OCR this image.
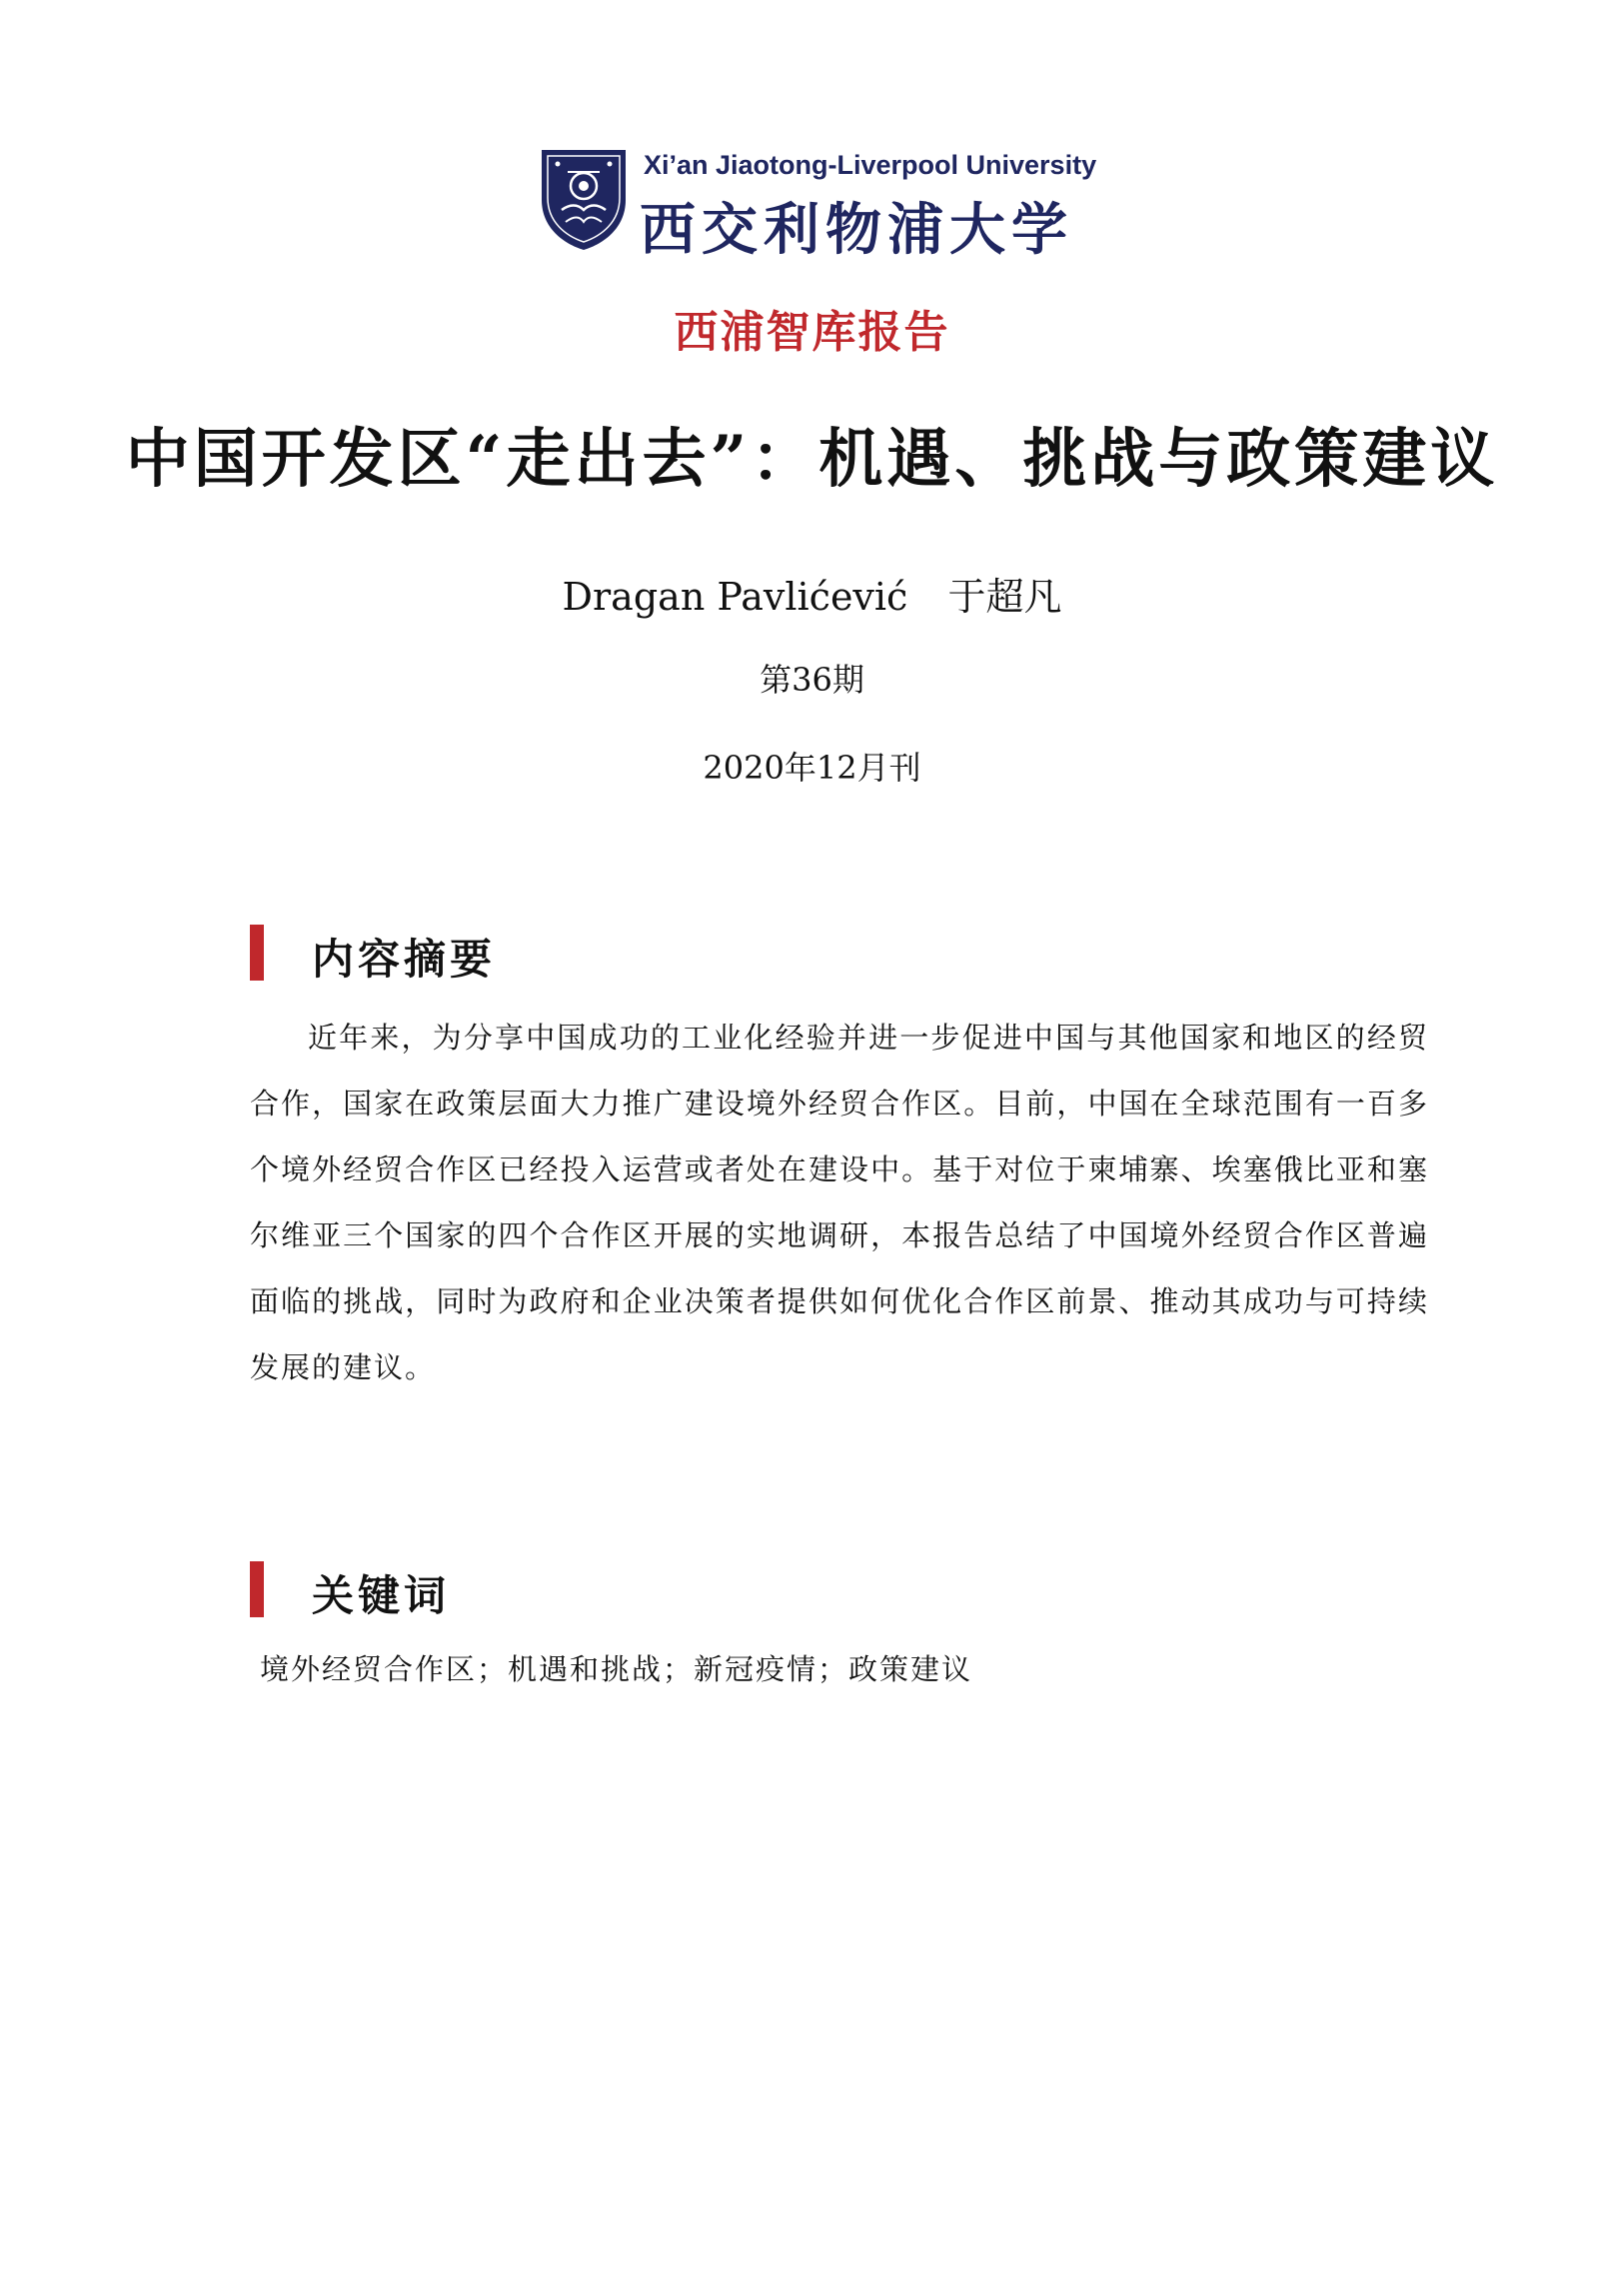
Xi’an Jiaotong-Liverpool University
西交利物浦大学
西浦智库报告
中国开发区“走出去”：机遇、挑战与政策建议
Dragan Pavlićević 于超凡
第36期
2020年12月刊
内容摘要

近年来，为分享中国成功的工业化经验并进一步促进中国与其他国家和地区的经贸合作，国家在政策层面大力推广建设境外经贸合作区。目前，中国在全球范围有一百多个境外经贸合作区已经投入运营或者处在建设中。基于对位于柬埔寨、埃塞俄比亚和塞尔维亚三个国家的四个合作区开展的实地调研，本报告总结了中国境外经贸合作区普遍面临的挑战，同时为政府和企业决策者提供如何优化合作区前景、推动其成功与可持续发展的建议。

关键词
境外经贸合作区；机遇和挑战；新冠疫情；政策建议
